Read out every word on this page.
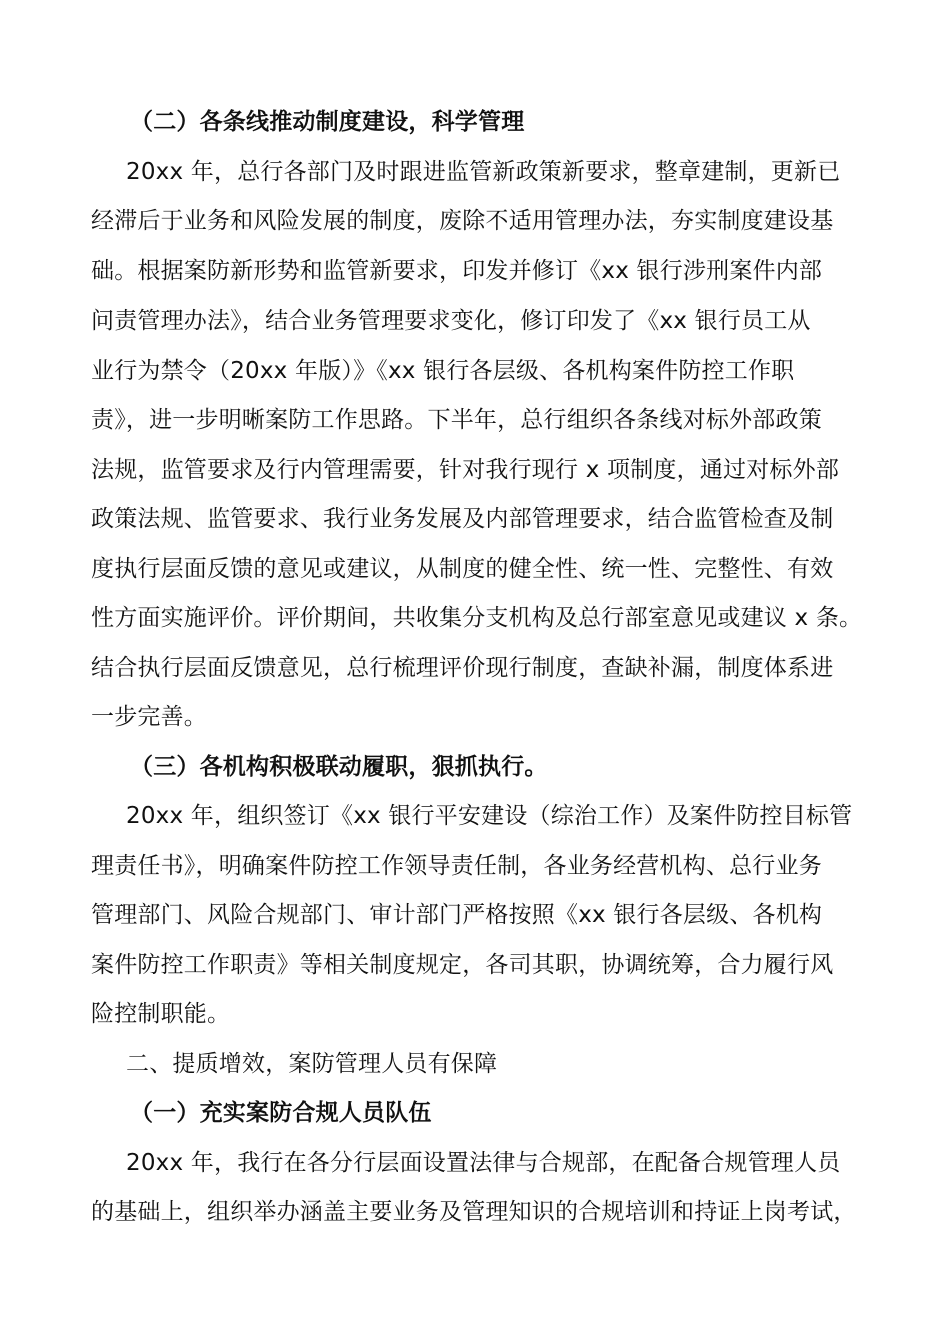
（二）各条线推动制度建设，科学管理
20xx 年，总行各部门及时跟进监管新政策新要求，整章建制，更新已
经滞后于业务和风险发展的制度，废除不适用管理办法，夯实制度建设基
础。根据案防新形势和监管新要求，印发并修订《xx 银行涉刑案件内部
问责管理办法》，结合业务管理要求变化，修订印发了《xx 银行员工从
业行为禁令（20xx 年版）》《xx 银行各层级、各机构案件防控工作职
责》，进一步明晰案防工作思路。下半年，总行组织各条线对标外部政策
法规，监管要求及行内管理需要，针对我行现行 x 项制度，通过对标外部
政策法规、监管要求、我行业务发展及内部管理要求，结合监管检查及制
度执行层面反馈的意见或建议，从制度的健全性、统一性、完整性、有效
性方面实施评价。评价期间，共收集分支机构及总行部室意见或建议 x 条。
结合执行层面反馈意见，总行梳理评价现行制度，查缺补漏，制度体系进
一步完善。
（三）各机构积极联动履职，狠抓执行。
20xx 年，组织签订《xx 银行平安建设（综治工作）及案件防控目标管
理责任书》，明确案件防控工作领导责任制，各业务经营机构、总行业务
管理部门、风险合规部门、审计部门严格按照《xx 银行各层级、各机构
案件防控工作职责》等相关制度规定，各司其职，协调统筹，合力履行风
险控制职能。
二、提质增效，案防管理人员有保障
（一）充实案防合规人员队伍
20xx 年，我行在各分行层面设置法律与合规部，在配备合规管理人员
的基础上，组织举办涵盖主要业务及管理知识的合规培训和持证上岗考试，
